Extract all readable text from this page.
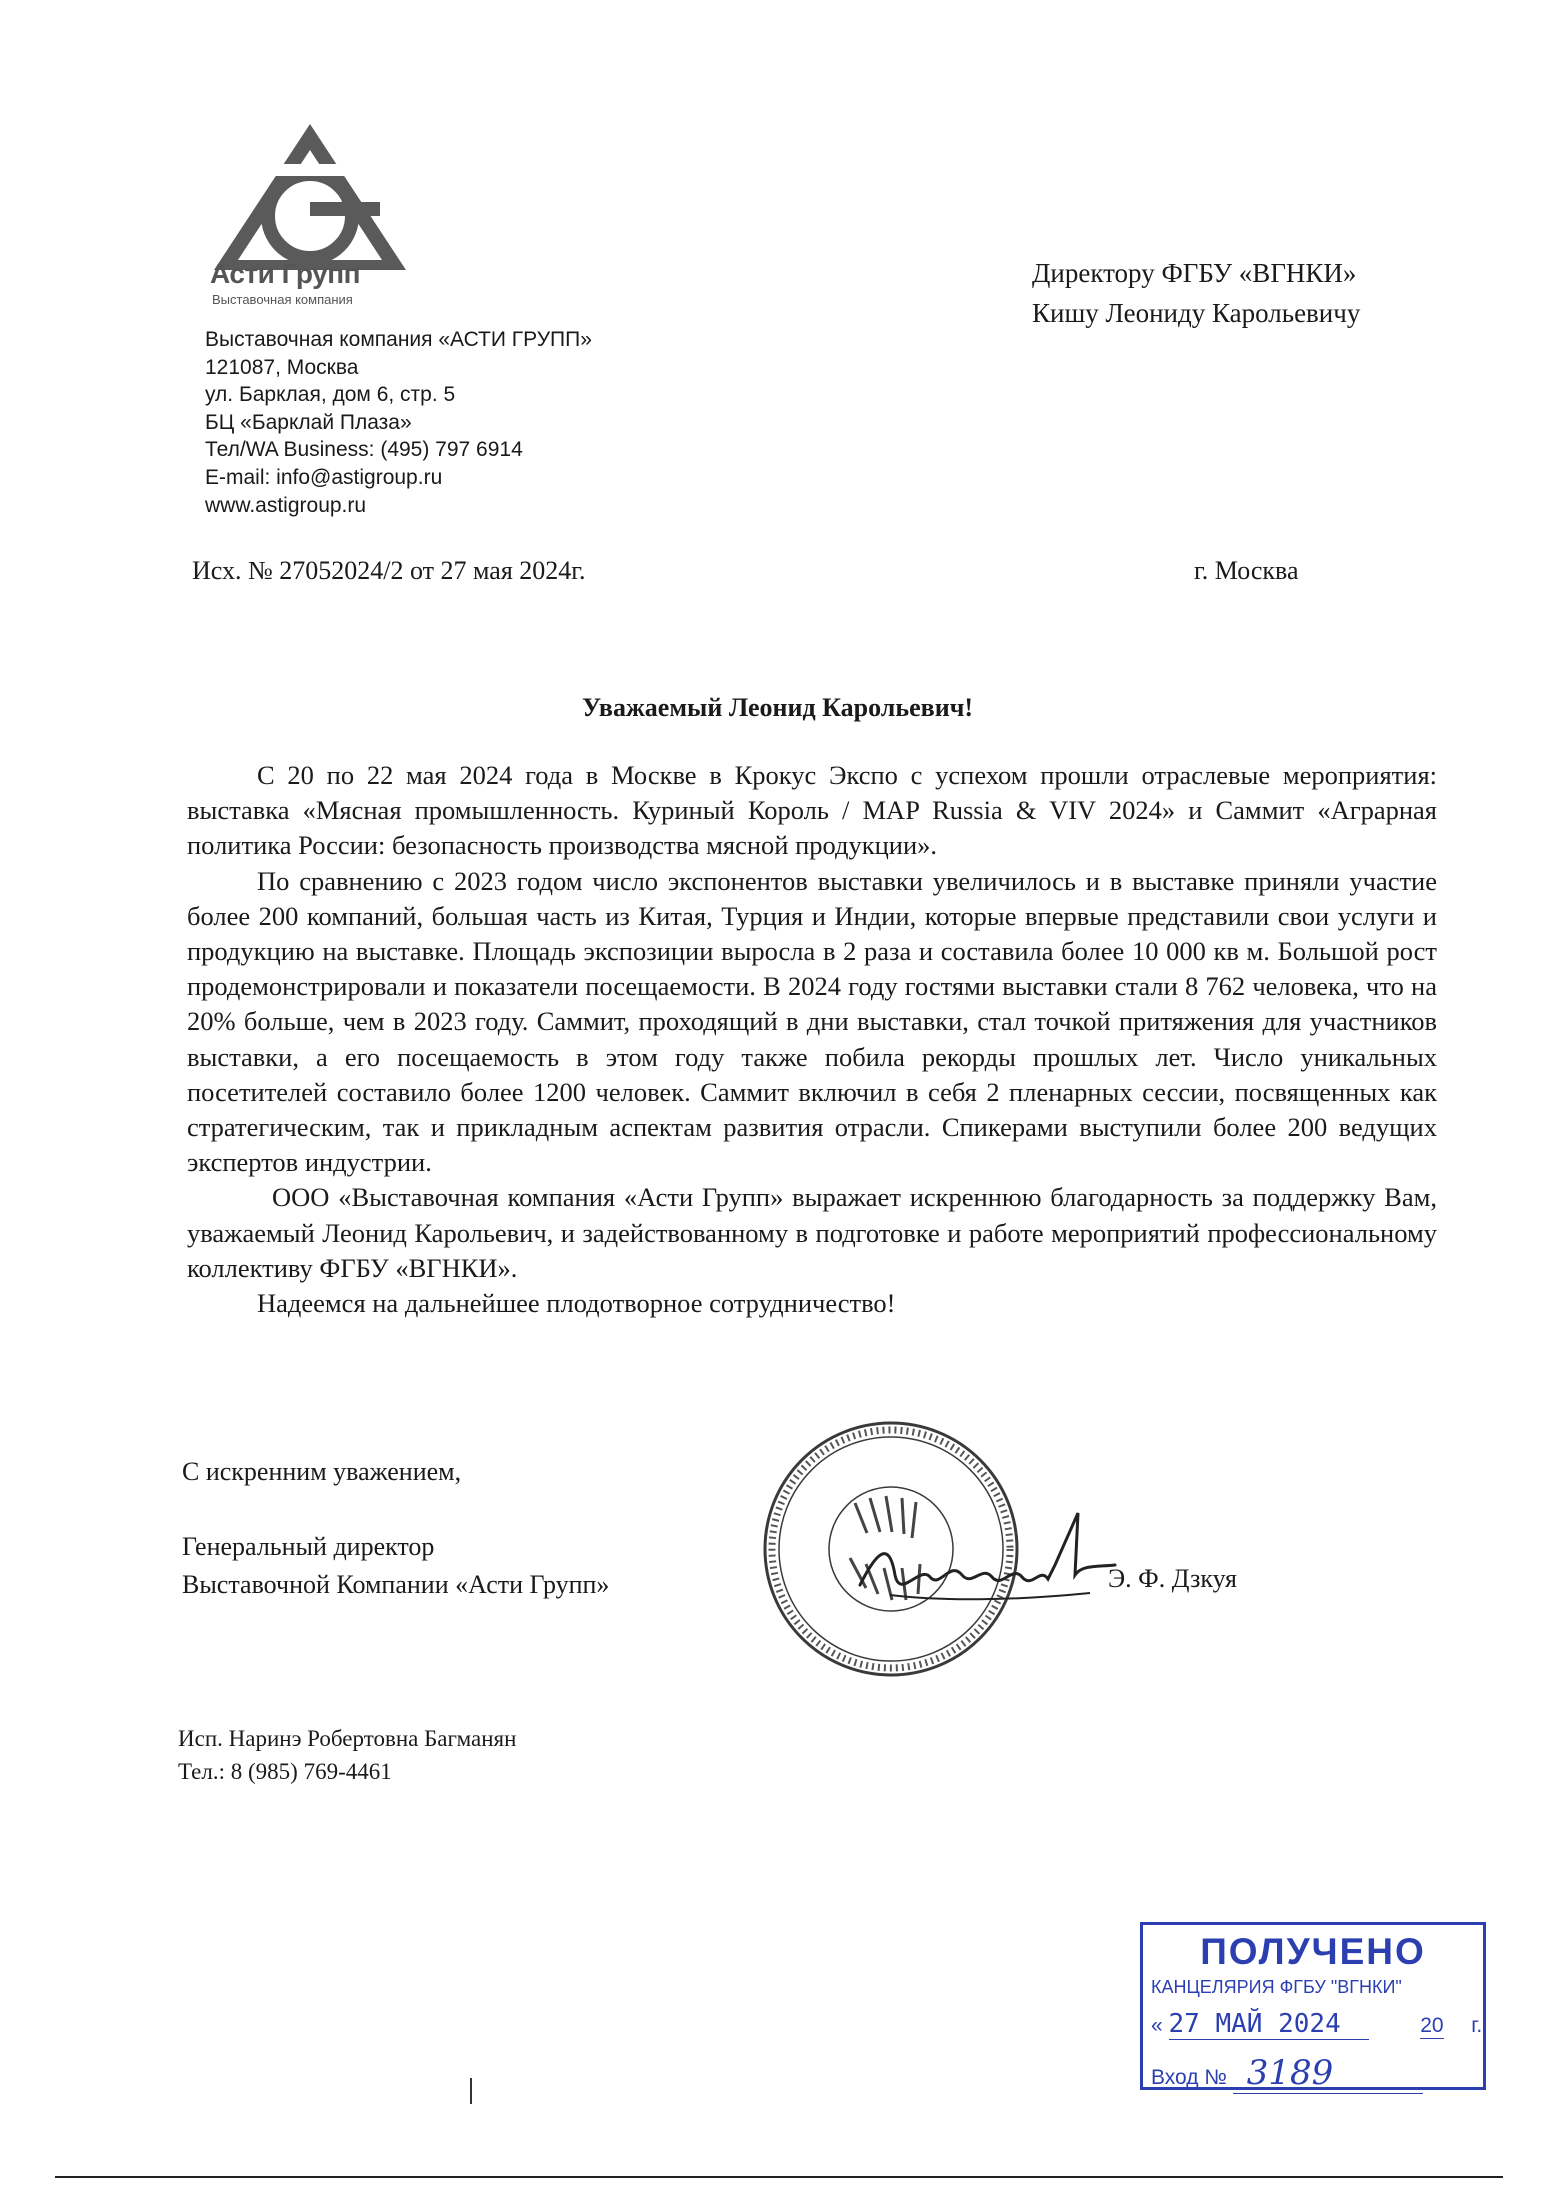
Асти Групп
Выставочная компания
Выставочная компания «АСТИ ГРУПП»
121087, Москва
ул. Барклая, дом 6, стр. 5
БЦ «Барклай Плаза»
Тел/WA Business: (495) 797 6914
E-mail: info@astigroup.ru
www.astigroup.ru
Директору ФГБУ «ВГНКИ»
Кишу Леониду Карольевичу
Исх. № 27052024/2 от 27 мая 2024г.	г. Москва
Уважаемый Леонид Карольевич!

С 20 по 22 мая 2024 года в Москве в Крокус Экспо с успехом прошли отраслевые мероприятия: выставка «Мясная промышленность. Куриный Король / MAP Russia & VIV 2024» и Саммит «Аграрная политика России: безопасность производства мясной продукции».

По сравнению с 2023 годом число экспонентов выставки увеличилось и в выставке приняли участие более 200 компаний, большая часть из Китая, Турция и Индии, которые впервые представили свои услуги и продукцию на выставке. Площадь экспозиции выросла в 2 раза и составила более 10 000 кв м. Большой рост продемонстрировали и показатели посещаемости. В 2024 году гостями выставки стали 8 762 человека, что на 20% больше, чем в 2023 году. Саммит, проходящий в дни выставки, стал точкой притяжения для участников выставки, а его посещаемость в этом году также побила рекорды прошлых лет. Число уникальных посетителей составило более 1200 человек. Саммит включил в себя 2 пленарных сессии, посвященных как стратегическим, так и прикладным аспектам развития отрасли. Спикерами выступили более 200 ведущих экспертов индустрии.

ООО «Выставочная компания «Асти Групп» выражает искреннюю благодарность за поддержку Вам, уважаемый Леонид Карольевич, и задействованному в подготовке и работе мероприятий профессиональному коллективу ФГБУ «ВГНКИ».

Надеемся на дальнейшее плодотворное сотрудничество!

С искренним уважением,
Генеральный директор
Выставочной Компании «Асти Групп»	Э. Ф. Дзкуя
Исп. Наринэ Робертовна Багманян
Тел.: 8 (985) 769-4461
ПОЛУЧЕНО
КАНЦЕЛЯРИЯ ФГБУ "ВГНКИ"
« 27 МАЙ 2024	20 г.
Вход № 3189
